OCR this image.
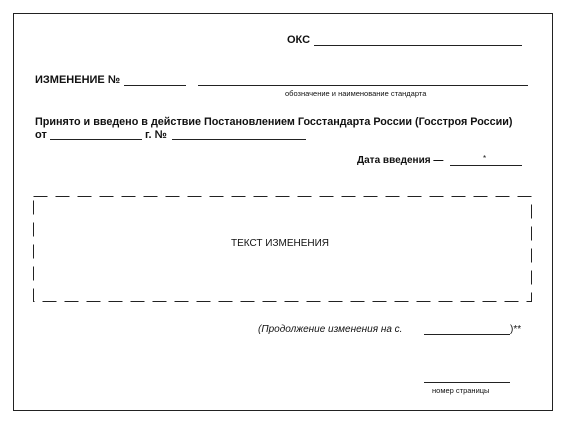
ОКС
ИЗМЕНЕНИЕ №
обозначение и наименование стандарта
Принято и введено в действие Постановлением Госстандарта России (Госстроя России)
от	г. №
Дата введения —	*
ТЕКСТ ИЗМЕНЕНИЯ
(Продолжение изменения на с.	)**
номер страницы
